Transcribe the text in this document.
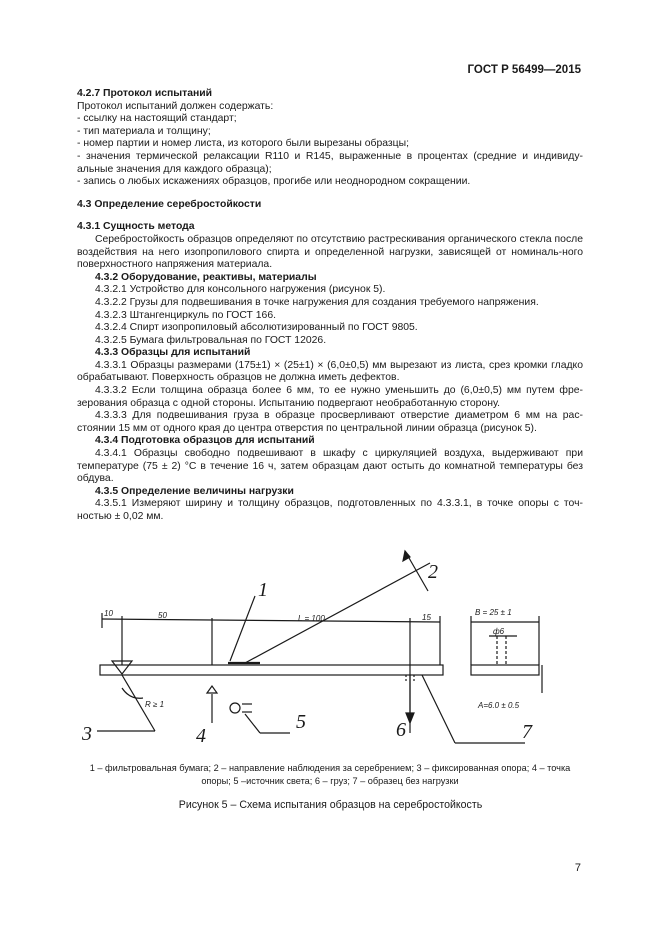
ГОСТ Р 56499—2015

4.2.7 Протокол испытаний

Протокол испытаний должен содержать:

- ссылку на настоящий стандарт;

- тип материала и толщину;

- номер партии и номер листа, из которого были вырезаны образцы;

- значения термической релаксации R110 и R145, выраженные в процентах (средние и индивиду-альные значения для каждого образца);

- запись о любых искажениях образцов, прогибе или неоднородном сокращении.

4.3 Определение серебростойкости

4.3.1 Сущность метода

Серебростойкость образцов определяют по отсутствию растрескивания органического стекла после воздействия на него изопропилового спирта и определенной нагрузки, зависящей от номиналь-ного поверхностного напряжения материала.

4.3.2 Оборудование, реактивы, материалы

4.3.2.1 Устройство для консольного нагружения (рисунок 5).

4.3.2.2 Грузы для подвешивания в точке нагружения для создания требуемого напряжения.

4.3.2.3 Штангенциркуль по ГОСТ 166.

4.3.2.4 Спирт изопропиловый абсолютизированный по ГОСТ 9805.

4.3.2.5 Бумага фильтровальная по ГОСТ 12026.

4.3.3 Образцы для испытаний

4.3.3.1 Образцы размерами (175±1) × (25±1) × (6,0±0,5) мм вырезают из листа, срез кромки гладко обрабатывают. Поверхность образцов не должна иметь дефектов.

4.3.3.2 Если толщина образца более 6 мм, то ее нужно уменьшить до (6,0±0,5) мм путем фре-зерования образца с одной стороны. Испытанию подвергают необработанную сторону.

4.3.3.3 Для подвешивания груза в образце просверливают отверстие диаметром 6 мм на рас-стоянии 15 мм от одного края до центра отверстия по центральной линии образца (рисунок 5).

4.3.4 Подготовка образцов для испытаний

4.3.4.1 Образцы свободно подвешивают в шкафу с циркуляцией воздуха, выдерживают при температуре (75 ± 2) °С в течение 16 ч, затем образцам дают остыть до комнатной температуры без обдува.

4.3.5 Определение величины нагрузки

4.3.5.1 Измеряют ширину и толщину образцов, подготовленных по 4.3.3.1, в точке опоры с точ-ностью ± 0,02 мм.

1
2
3	4
5	6	7
10	50	L = 100	15
B = 25 ± 1
ф6
R ≥ 1	A=6.0 ± 0.5
1 – фильтровальная бумага; 2 – направление наблюдения за серебрением; 3 – фиксированная опора; 4 – точка
опоры; 5 –источник света; 6 – груз; 7 – образец без нагрузки
Рисунок 5 – Схема испытания образцов на серебростойкость
7
